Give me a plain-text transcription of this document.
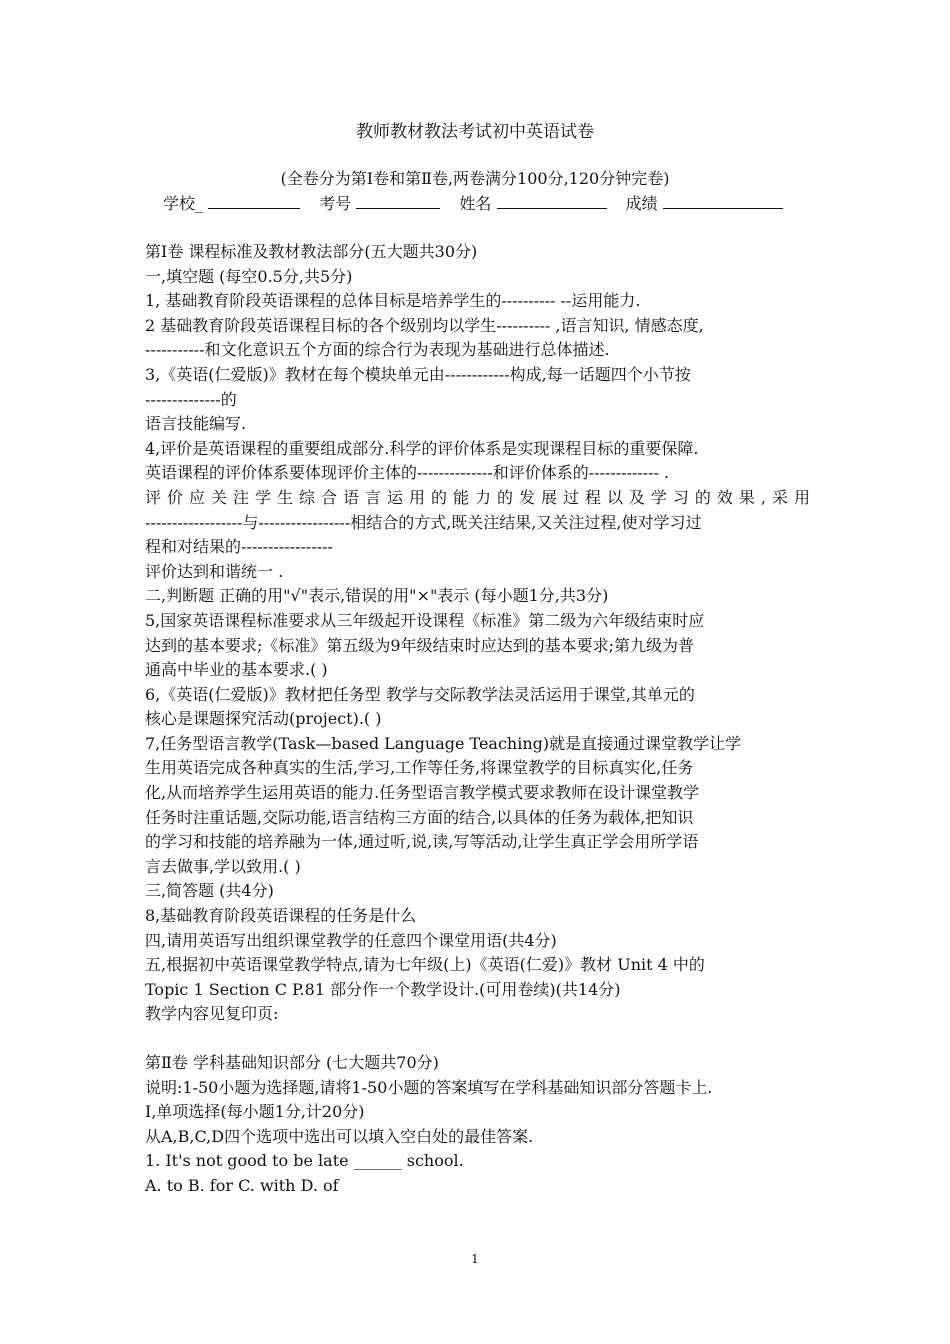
教师教材教法考试初中英语试卷
(全卷分为第Ⅰ卷和第Ⅱ卷,两卷满分100分,120分钟完卷)
学校_	考号	姓名	成绩

第Ⅰ卷 课程标准及教材教法部分(五大题共30分)

一,填空题 (每空0.5分,共5分)

1, 基础教育阶段英语课程的总体目标是培养学生的---------- --运用能力.

2 基础教育阶段英语课程目标的各个级别均以学生---------- ,语言知识, 情感态度,

-----------和文化意识五个方面的综合行为表现为基础进行总体描述.

3,《英语(仁爱版)》教材在每个模块单元由------------构成,每一话题四个小节按

--------------的

语言技能编写.

4,评价是英语课程的重要组成部分.科学的评价体系是实现课程目标的重要保障.

英语课程的评价体系要体现评价主体的--------------和评价体系的------------- .

评价应关注学生综合语言运用的能力的发展过程以及学习的效果,采用

------------------与-----------------相结合的方式,既关注结果,又关注过程,使对学习过

程和对结果的-----------------

评价达到和谐统一 .

二,判断题 正确的用"√"表示,错误的用"×"表示 (每小题1分,共3分)

5,国家英语课程标准要求从三年级起开设课程《标准》第二级为六年级结束时应

达到的基本要求;《标准》第五级为9年级结束时应达到的基本要求;第九级为普

通高中毕业的基本要求.( )

6,《英语(仁爱版)》教材把任务型 教学与交际教学法灵活运用于课堂,其单元的

核心是课题探究活动(project).( )

7,任务型语言教学(Task—based Language Teaching)就是直接通过课堂教学让学

生用英语完成各种真实的生活,学习,工作等任务,将课堂教学的目标真实化,任务

化,从而培养学生运用英语的能力.任务型语言教学模式要求教师在设计课堂教学

任务时注重话题,交际功能,语言结构三方面的结合,以具体的任务为载体,把知识

的学习和技能的培养融为一体,通过听,说,读,写等活动,让学生真正学会用所学语

言去做事,学以致用.( )

三,简答题 (共4分)

8,基础教育阶段英语课程的任务是什么

四,请用英语写出组织课堂教学的任意四个课堂用语(共4分)

五,根据初中英语课堂教学特点,请为七年级(上)《英语(仁爱)》教材 Unit 4 中的

Topic 1 Section C P.81 部分作一个教学设计.(可用卷续)(共14分)

教学内容见复印页:

第Ⅱ卷 学科基础知识部分 (七大题共70分)

说明:1-50小题为选择题,请将1-50小题的答案填写在学科基础知识部分答题卡上.

Ⅰ,单项选择(每小题1分,计20分)

从A,B,C,D四个选项中选出可以填入空白处的最佳答案.

1. It's not good to be late ______ school.

A. to B. for C. with D. of

1
